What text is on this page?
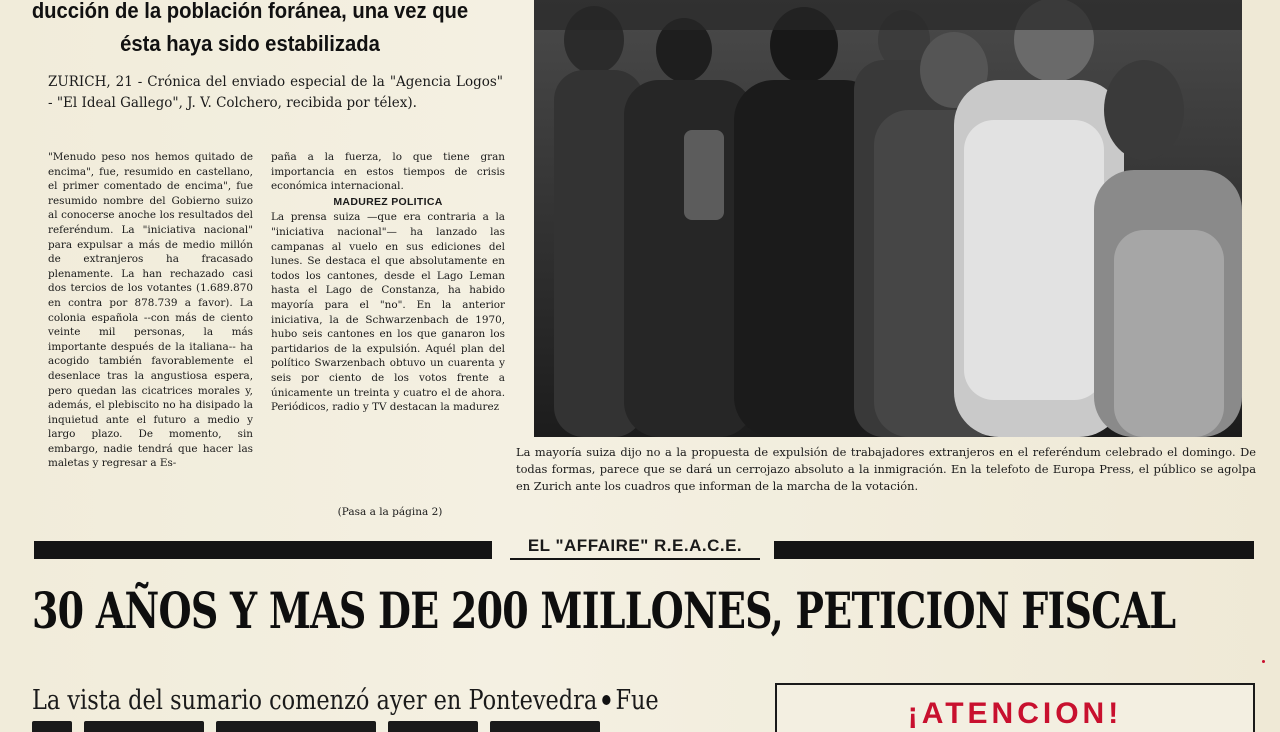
ducción de la población foránea, una vez que
ésta haya sido estabilizada
ZURICH, 21 - Crónica del enviado especial de la "Agencia Logos" - "El Ideal Gallego", J. V. Colchero, recibida por télex).
"Menudo peso nos hemos quitado de encima", fue, resumido en castellano, el primer comentado de encima", fue resumido nombre del Gobierno suizo al conocerse anoche los resultados del referéndum. La "iniciativa nacional" para expulsar a más de medio millón de extranjeros ha fracasado plenamente. La han rechazado casi dos tercios de los votantes (1.689.870 en contra por 878.739 a favor). La colonia española --con más de ciento veinte mil personas, la más importante después de la italiana-- ha acogido también favorablemente el desenlace tras la angustiosa espera, pero quedan las cicatrices morales y, además, el plebiscito no ha disipado la inquietud ante el futuro a medio y largo plazo. De momento, sin embargo, nadie tendrá que hacer las maletas y regresar a Es-
paña a la fuerza, lo que tiene gran importancia en estos tiempos de crisis económica internacional.
MADUREZ POLITICA
La prensa suiza —que era contraria a la "iniciativa nacional"— ha lanzado las campanas al vuelo en sus ediciones del lunes. Se destaca el que absolutamente en todos los cantones, desde el Lago Leman hasta el Lago de Constanza, ha habido mayoría para el "no". En la anterior iniciativa, la de Schwarzenbach de 1970, hubo seis cantones en los que ganaron los partidarios de la expulsión. Aquél plan del político Swarzenbach obtuvo un cuarenta y seis por ciento de los votos frente a únicamente un treinta y cuatro el de ahora. Periódicos, radio y TV destacan la madurez
(Pasa a la página 2)
La mayoría suiza dijo no a la propuesta de expulsión de trabajadores extranjeros en el referéndum celebrado el domingo. De todas formas, parece que se dará un cerrojazo absoluto a la inmigración. En la telefoto de Europa Press, el público se agolpa en Zurich ante los cuadros que informan de la marcha de la votación.
EL "AFFAIRE" R.E.A.C.E.
30 AÑOS Y MAS DE 200 MILLONES, PETICION FISCAL
La vista del sumario comenzó ayer en Pontevedra Fue	¡ATENCION!
